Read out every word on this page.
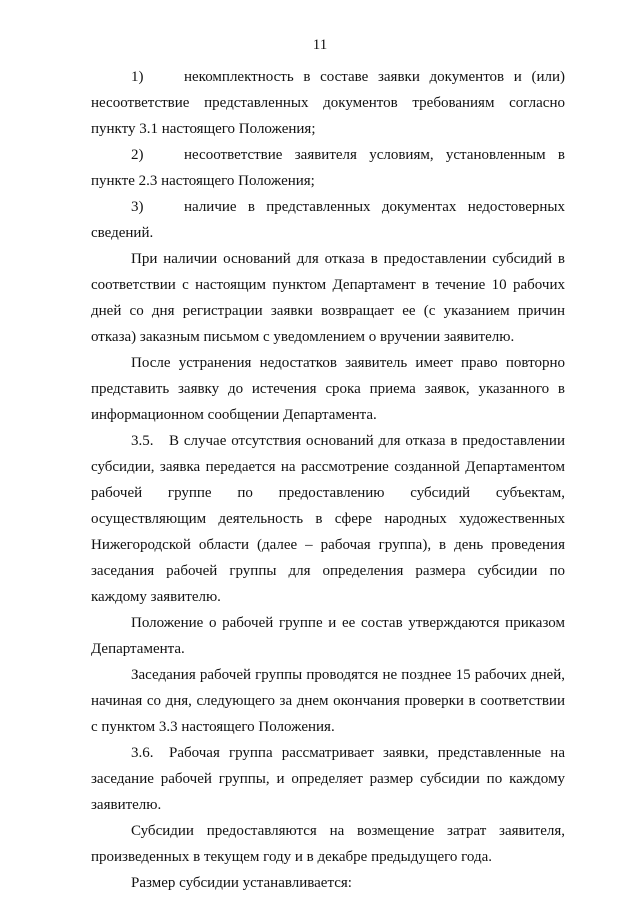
11

1)	некомплектность в составе заявки документов и (или) несоответствие представленных документов требованиям согласно пункту 3.1 настоящего Положения;

2)	несоответствие заявителя условиям, установленным в пункте 2.3 настоящего Положения;

3)	наличие в представленных документах недостоверных сведений.

При наличии оснований для отказа в предоставлении субсидий в соответствии с настоящим пунктом Департамент в течение 10 рабочих дней со дня регистрации заявки возвращает ее (с указанием причин отказа) заказным письмом с уведомлением о вручении заявителю.

После устранения недостатков заявитель имеет право повторно представить заявку до истечения срока приема заявок, указанного в информационном сообщении Департамента.

3.5. В случае отсутствия оснований для отказа в предоставлении субсидии, заявка передается на рассмотрение созданной Департаментом рабочей группе по предоставлению субсидий субъектам, осуществляющим деятельность в сфере народных художественных Нижегородской области (далее – рабочая группа), в день проведения заседания рабочей группы для определения размера субсидии по каждому заявителю.

Положение о рабочей группе и ее состав утверждаются приказом Департамента.

Заседания рабочей группы проводятся не позднее 15 рабочих дней, начиная со дня, следующего за днем окончания проверки в соответствии с пунктом 3.3 настоящего Положения.

3.6. Рабочая группа рассматривает заявки, представленные на заседание рабочей группы, и определяет размер субсидии по каждому заявителю.

Субсидии предоставляются на возмещение затрат заявителя, произведенных в текущем году и в декабре предыдущего года.

Размер субсидии устанавливается:
